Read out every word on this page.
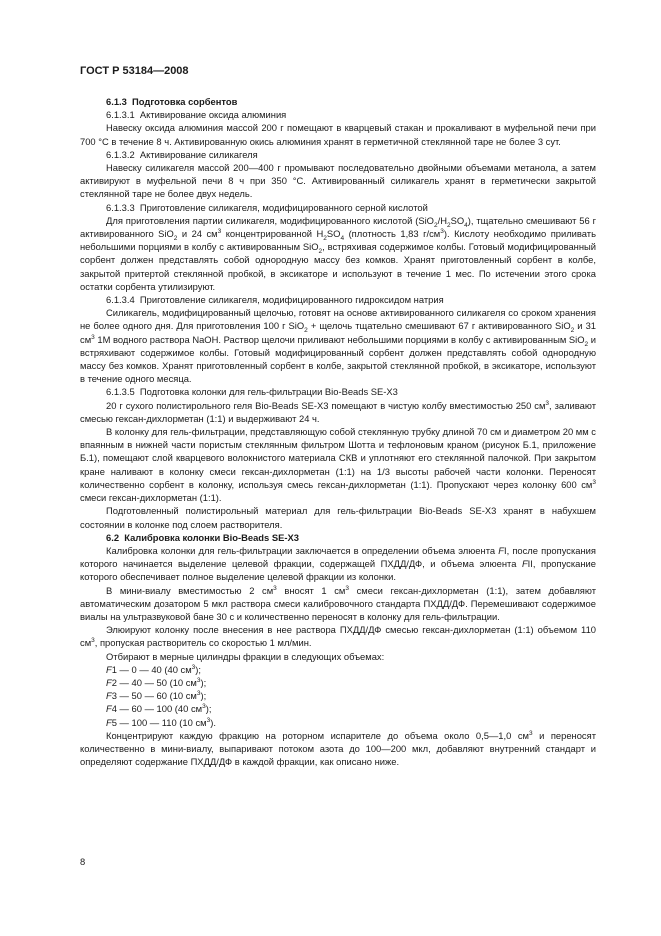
ГОСТ Р 53184—2008

6.1.3  Подготовка сорбентов

6.1.3.1  Активирование оксида алюминия

Навеску оксида алюминия массой 200 г помещают в кварцевый стакан и прокаливают в муфельной печи при 700 °С в течение 8 ч. Активированную окись алюминия хранят в герметичной стеклянной таре не более 3 сут.

6.1.3.2  Активирование силикагеля

Навеску силикагеля массой 200—400 г промывают последовательно двойными объемами метанола, а затем активируют в муфельной печи 8 ч при 350 °С. Активированный силикагель хранят в герметически закрытой стеклянной таре не более двух недель.

6.1.3.3  Приготовление силикагеля, модифицированного серной кислотой

Для приготовления партии силикагеля, модифицированного кислотой $(SiO_2/H_2SO_4)$, тщательно смешивают 56 г активированного SiO$_2$ и 24 $см^3$ концентрированной $H_2SO_4$ (плотность 1,83 $г/см^3$). Кислоту необходимо приливать небольшими порциями в колбу с активированным SiO$_2$, встряхивая содержимое колбы. Готовый модифицированный сорбент должен представлять собой однородную массу без комков. Хранят приготовленный сорбент в колбе, закрытой притертой стеклянной пробкой, в эксикаторе и используют в течение 1 мес. По истечении этого срока остатки сорбента утилизируют.

6.1.3.4  Приготовление силикагеля, модифицированного гидроксидом натрия

Силикагель, модифицированный щелочью, готовят на основе активированного силикагеля со сроком хранения не более одного дня. Для приготовления 100 г SiO$_2$ + щелочь тщательно смешивают 67 г активированного SiO$_2$ и 31 $см^3$ 1М водного раствора NaOH. Раствор щелочи приливают небольшими порциями в колбу с активированным SiO$_2$ и встряхивают содержимое колбы. Готовый модифицированный сорбент должен представлять собой однородную массу без комков. Хранят приготовленный сорбент в колбе, закрытой стеклянной пробкой, в эксикаторе, используют в течение одного месяца.

6.1.3.5  Подготовка колонки для гель-фильтрации Bio-Beads SE-X3

20 г сухого полистирольного геля Bio-Beads SE-X3 помещают в чистую колбу вместимостью 250 $см^3$, заливают смесью гексан-дихлорметан (1:1) и выдерживают 24 ч.

В колонку для гель-фильтрации, представляющую собой стеклянную трубку длиной 70 см и диаметром 20 мм с впаянным в нижней части пористым стеклянным фильтром Шотта и тефлоновым краном (рисунок Б.1, приложение Б.1), помещают слой кварцевого волокнистого материала СКВ и уплотняют его стеклянной палочкой. При закрытом кране наливают в колонку смеси гексан-дихлорметан (1:1) на 1/3 высоты рабочей части колонки. Переносят количественно сорбент в колонку, используя смесь гексан-дихлорметан (1:1). Пропускают через колонку 600 $см^3$ смеси гексан-дихлорметан (1:1).

Подготовленный полистирольный материал для гель-фильтрации Bio-Beads SE-X3 хранят в набухшем состоянии в колонке под слоем растворителя.

6.2  Калибровка колонки Bio-Beads SE-X3

Калибровка колонки для гель-фильтрации заключается в определении объема элюента FI, после пропускания которого начинается выделение целевой фракции, содержащей ПХДД/ДФ, и объема элюента FII, пропускание которого обеспечивает полное выделение целевой фракции из колонки.

В мини-виалу вместимостью 2 $см^3$ вносят 1 $см^3$ смеси гексан-дихлорметан (1:1), затем добавляют автоматическим дозатором 5 мкл раствора смеси калибровочного стандарта ПХДД/ДФ. Перемешивают содержимое виалы на ультразвуковой бане 30 с и количественно переносят в колонку для гель-фильтрации.

Элюируют колонку после внесения в нее раствора ПХДД/ДФ смесью гексан-дихлорметан (1:1) объемом 110 $см^3$, пропуская растворитель со скоростью 1 мл/мин.

Отбирают в мерные цилиндры фракции в следующих объемах:

F1 — 0 — 40 (40 $см^3$);

F2 — 40 — 50 (10 $см^3$);

F3 — 50 — 60 (10 $см^3$);

F4 — 60 — 100 (40 $см^3$);

F5 — 100 — 110 (10 $см^3$).

Концентрируют каждую фракцию на роторном испарителе до объема около 0,5—1,0 $см^3$ и переносят количественно в мини-виалу, выпаривают потоком азота до 100—200 мкл, добавляют внутренний стандарт и определяют содержание ПХДД/ДФ в каждой фракции, как описано ниже.

8
